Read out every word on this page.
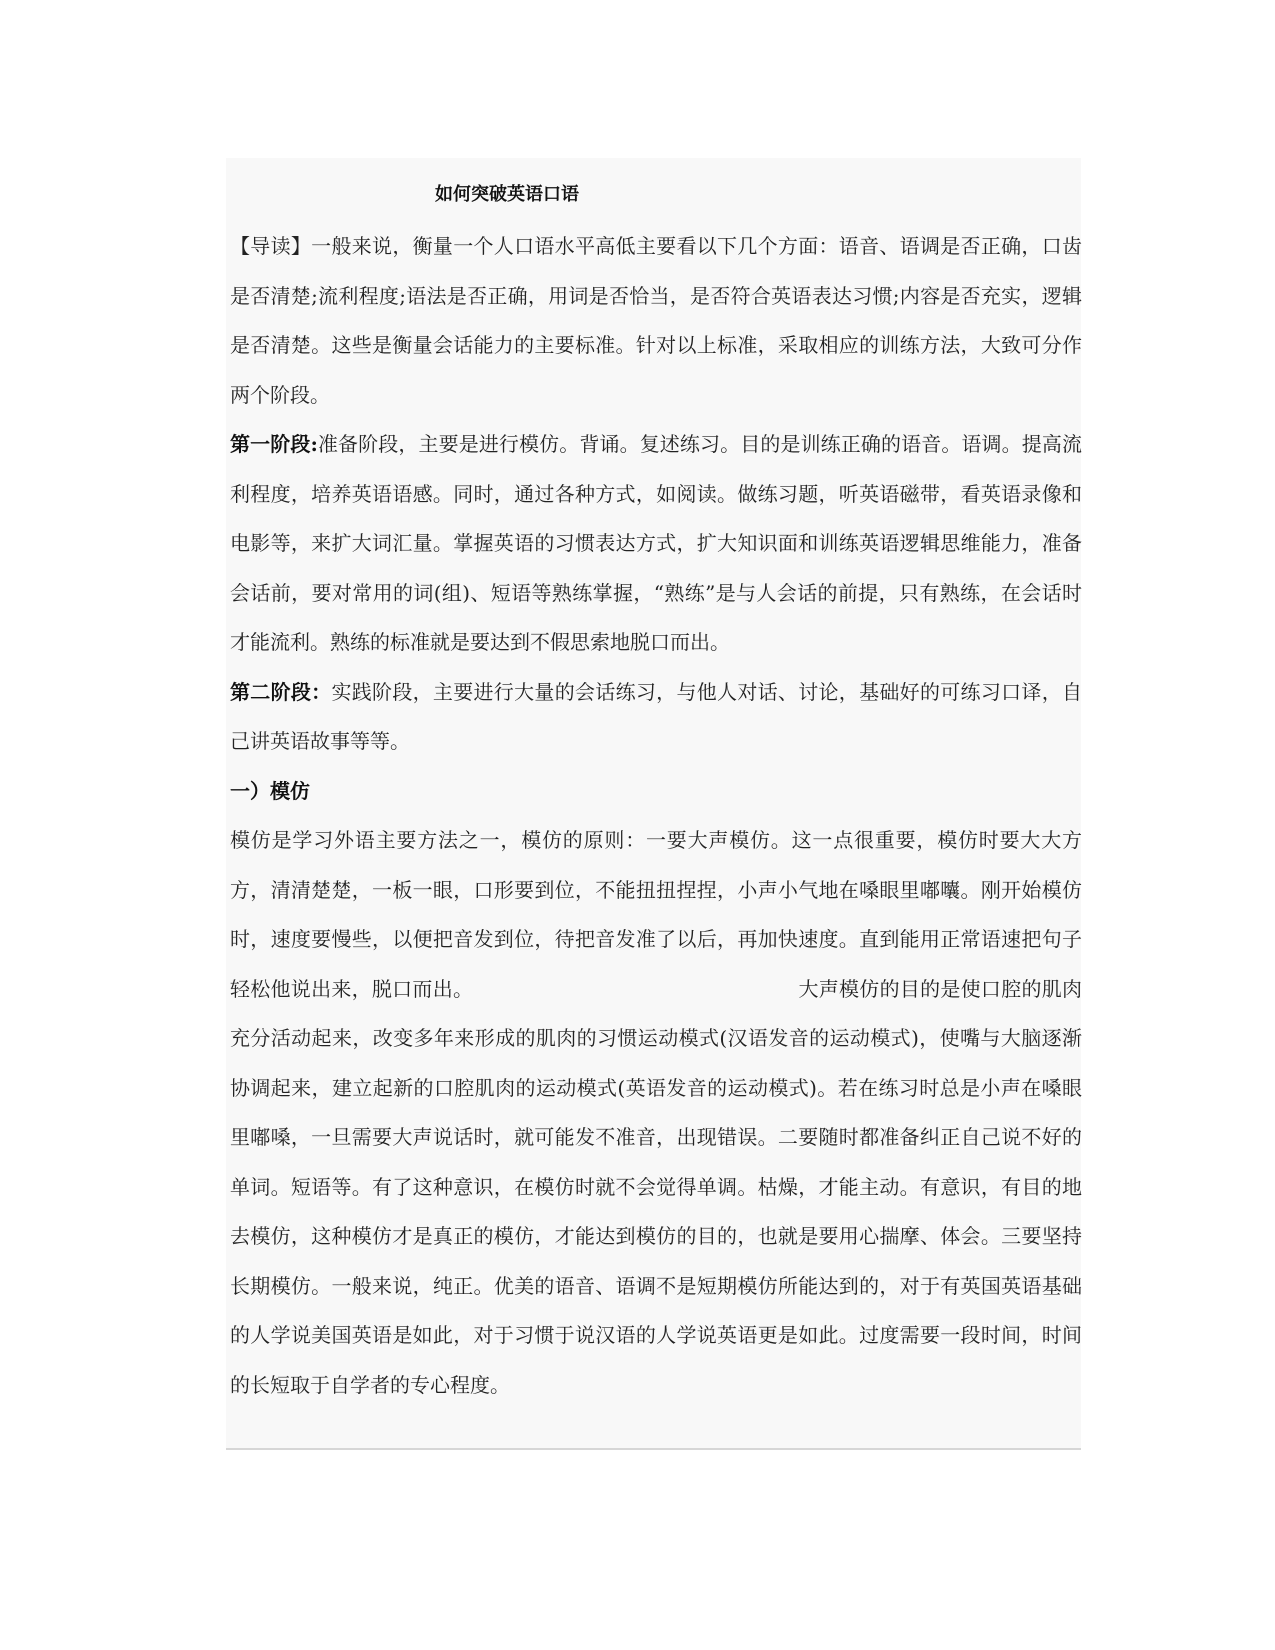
如何突破英语口语

【导读】一般来说，衡量一个人口语水平高低主要看以下几个方面：语音、语调是否正确，口齿是否清楚;流利程度;语法是否正确，用词是否恰当，是否符合英语表达习惯;内容是否充实，逻辑是否清楚。这些是衡量会话能力的主要标准。针对以上标准，采取相应的训练方法，大致可分作两个阶段。

第一阶段:准备阶段，主要是进行模仿。背诵。复述练习。目的是训练正确的语音。语调。提高流利程度，培养英语语感。同时，通过各种方式，如阅读。做练习题，听英语磁带，看英语录像和电影等，来扩大词汇量。掌握英语的习惯表达方式，扩大知识面和训练英语逻辑思维能力，准备会话前，要对常用的词(组)、短语等熟练掌握，“熟练”是与人会话的前提，只有熟练，在会话时才能流利。熟练的标准就是要达到不假思索地脱口而出。

第二阶段：实践阶段，主要进行大量的会话练习，与他人对话、讨论，基础好的可练习口译，自己讲英语故事等等。

一）模仿

模仿是学习外语主要方法之一，模仿的原则：一要大声模仿。这一点很重要，模仿时要大大方方，清清楚楚，一板一眼，口形要到位，不能扭扭捏捏，小声小气地在嗓眼里嘟囔。刚开始模仿时，速度要慢些，以便把音发到位，待把音发准了以后，再加快速度。直到能用正常语速把句子轻松他说出来，脱口而出。	大声模仿的目的是使口腔的肌肉充分活动起来，改变多年来形成的肌肉的习惯运动模式(汉语发音的运动模式)，使嘴与大脑逐渐协调起来，建立起新的口腔肌肉的运动模式(英语发音的运动模式)。若在练习时总是小声在嗓眼里嘟嗓，一旦需要大声说话时，就可能发不准音，出现错误。二要随时都准备纠正自己说不好的单词。短语等。有了这种意识，在模仿时就不会觉得单调。枯燥，才能主动。有意识，有目的地去模仿，这种模仿才是真正的模仿，才能达到模仿的目的，也就是要用心揣摩、体会。三要坚持长期模仿。一般来说，纯正。优美的语音、语调不是短期模仿所能达到的，对于有英国英语基础的人学说美国英语是如此，对于习惯于说汉语的人学说英语更是如此。过度需要一段时间，时间的长短取于自学者的专心程度。
